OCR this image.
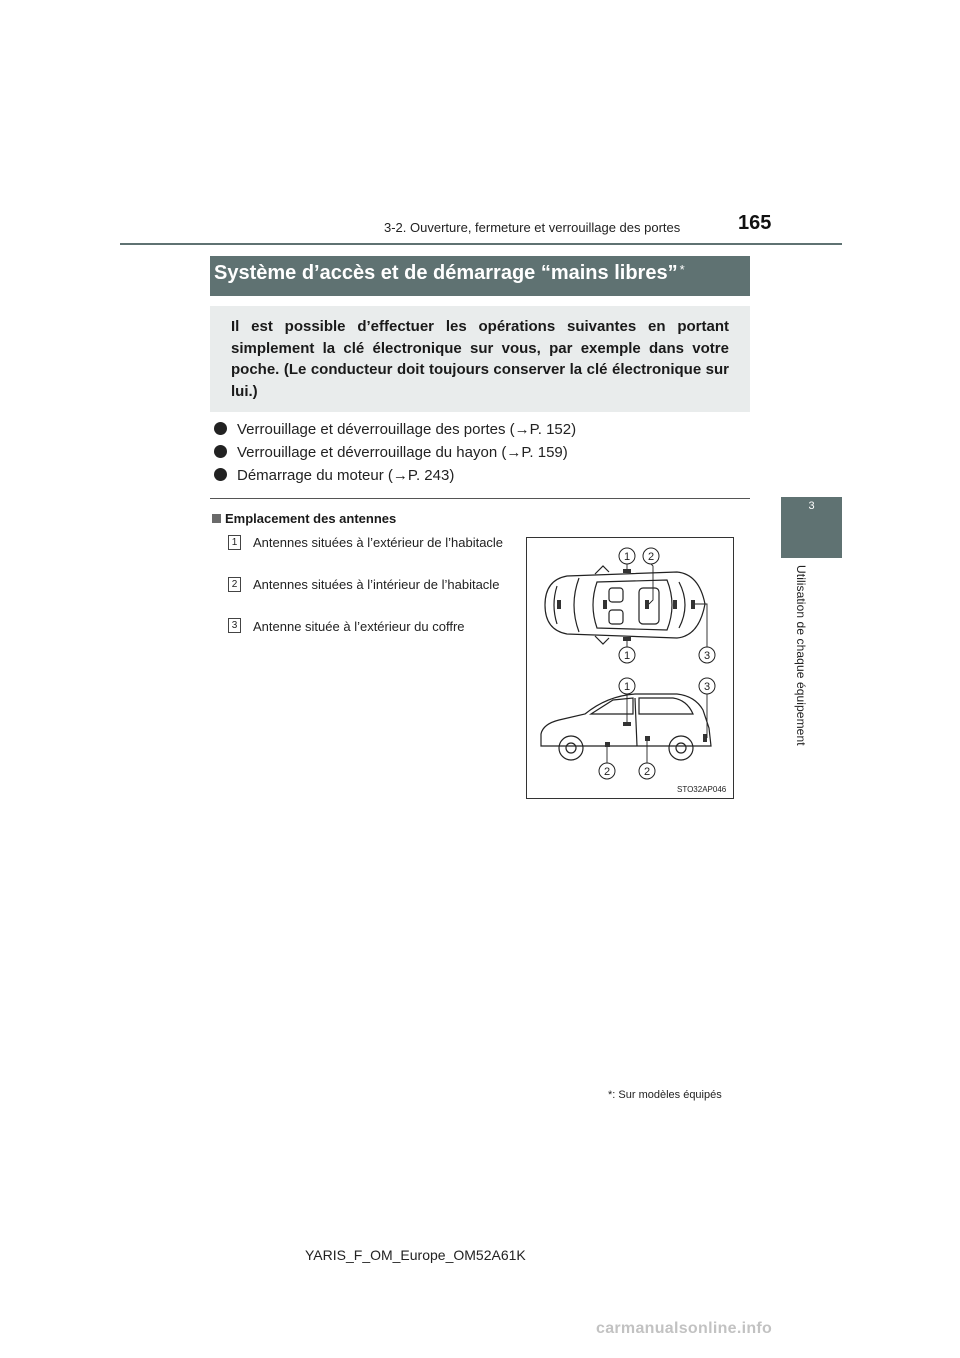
3-2. Ouverture, fermeture et verrouillage des portes	165
3
Utilisation de chaque équipement
Système d’accès et de démarrage “mains libres” *
Il est possible d’effectuer les opérations suivantes en portant simplement la clé électronique sur vous, par exemple dans votre poche. (Le conducteur doit toujours conserver la clé électronique sur lui.)
Verrouillage et déverrouillage des portes (→P. 152)
Verrouillage et déverrouillage du hayon (→P. 159)
Démarrage du moteur (→P. 243)
Emplacement des antennes
1 Antennes situées à l’extérieur de l’habitacle
2 Antennes situées à l’intérieur de l’habitacle
3 Antenne située à l’extérieur du coffre
1 2
1	3
1	3
2	2
STO32AP046
*: Sur modèles équipés
YARIS_F_OM_Europe_OM52A61K
carmanualsonline.info
